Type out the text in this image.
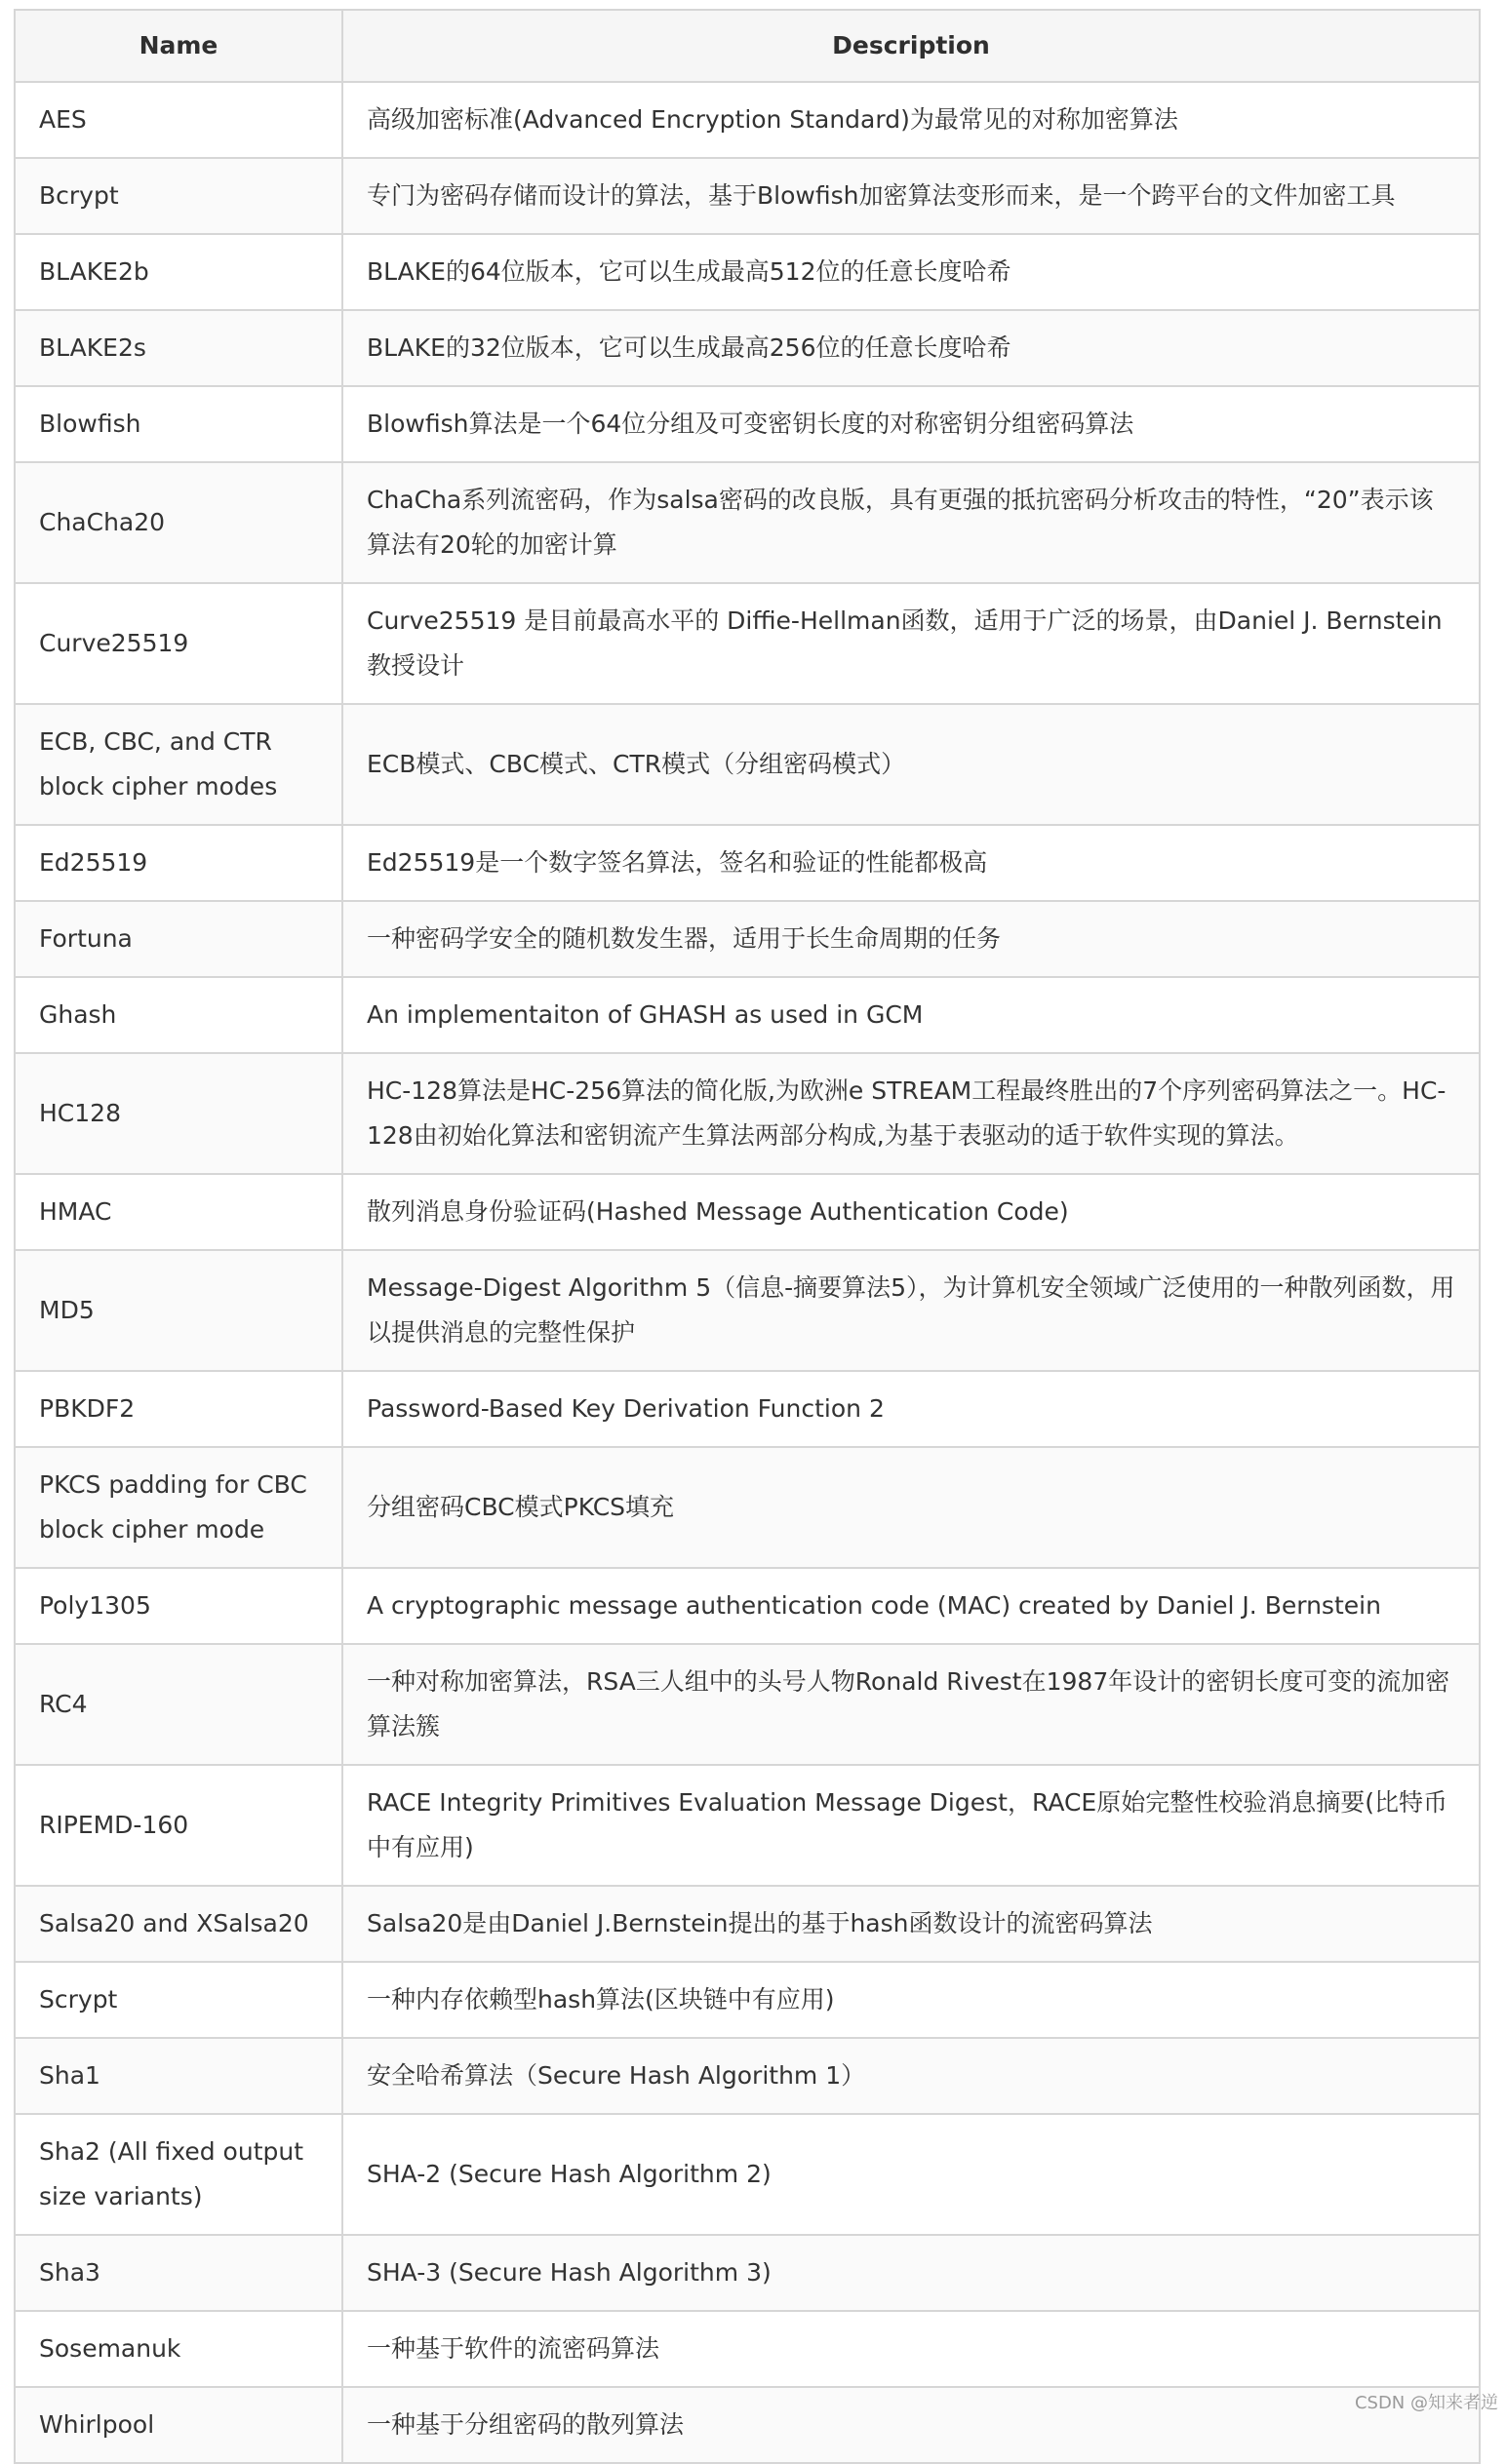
Name	Description
AES	高级加密标准(Advanced Encryption Standard)为最常见的对称加密算法
Bcrypt	专门为密码存储而设计的算法，基于Blowfish加密算法变形而来，是一个跨平台的文件加密工具
BLAKE2b	BLAKE的64位版本，它可以生成最高512位的任意长度哈希
BLAKE2s	BLAKE的32位版本，它可以生成最高256位的任意长度哈希
Blowfish	Blowfish算法是一个64位分组及可变密钥长度的对称密钥分组密码算法
ChaCha20	ChaCha系列流密码，作为salsa密码的改良版，具有更强的抵抗密码分析攻击的特性，“20”表示该算法有20轮的加密计算
Curve25519	Curve25519 是目前最高水平的 Diffie-Hellman函数，适用于广泛的场景，由Daniel J. Bernstein教授设计
ECB, CBC, and CTR block cipher modes	ECB模式、CBC模式、CTR模式（分组密码模式）
Ed25519	Ed25519是一个数字签名算法，签名和验证的性能都极高
Fortuna	一种密码学安全的随机数发生器，适用于长生命周期的任务
Ghash	An implementaiton of GHASH as used in GCM
HC128	HC-128算法是HC-256算法的简化版,为欧洲e STREAM工程最终胜出的7个序列密码算法之一。HC-128由初始化算法和密钥流产生算法两部分构成,为基于表驱动的适于软件实现的算法。
HMAC	散列消息身份验证码(Hashed Message Authentication Code)
MD5	Message-Digest Algorithm 5（信息-摘要算法5），为计算机安全领域广泛使用的一种散列函数，用以提供消息的完整性保护
PBKDF2	Password-Based Key Derivation Function 2
PKCS padding for CBC block cipher mode	分组密码CBC模式PKCS填充
Poly1305	A cryptographic message authentication code (MAC) created by Daniel J. Bernstein
RC4	一种对称加密算法，RSA三人组中的头号人物Ronald Rivest在1987年设计的密钥长度可变的流加密算法簇
RIPEMD-160	RACE Integrity Primitives Evaluation Message Digest，RACE原始完整性校验消息摘要(比特币中有应用)
Salsa20 and XSalsa20	Salsa20是由Daniel J.Bernstein提出的基于hash函数设计的流密码算法
Scrypt	一种内存依赖型hash算法(区块链中有应用)
Sha1	安全哈希算法（Secure Hash Algorithm 1）
Sha2 (All fixed output size variants)	SHA-2 (Secure Hash Algorithm 2)
Sha3	SHA-3 (Secure Hash Algorithm 3)
Sosemanuk	一种基于软件的流密码算法
Whirlpool	一种基于分组密码的散列算法
CSDN @知来者逆
